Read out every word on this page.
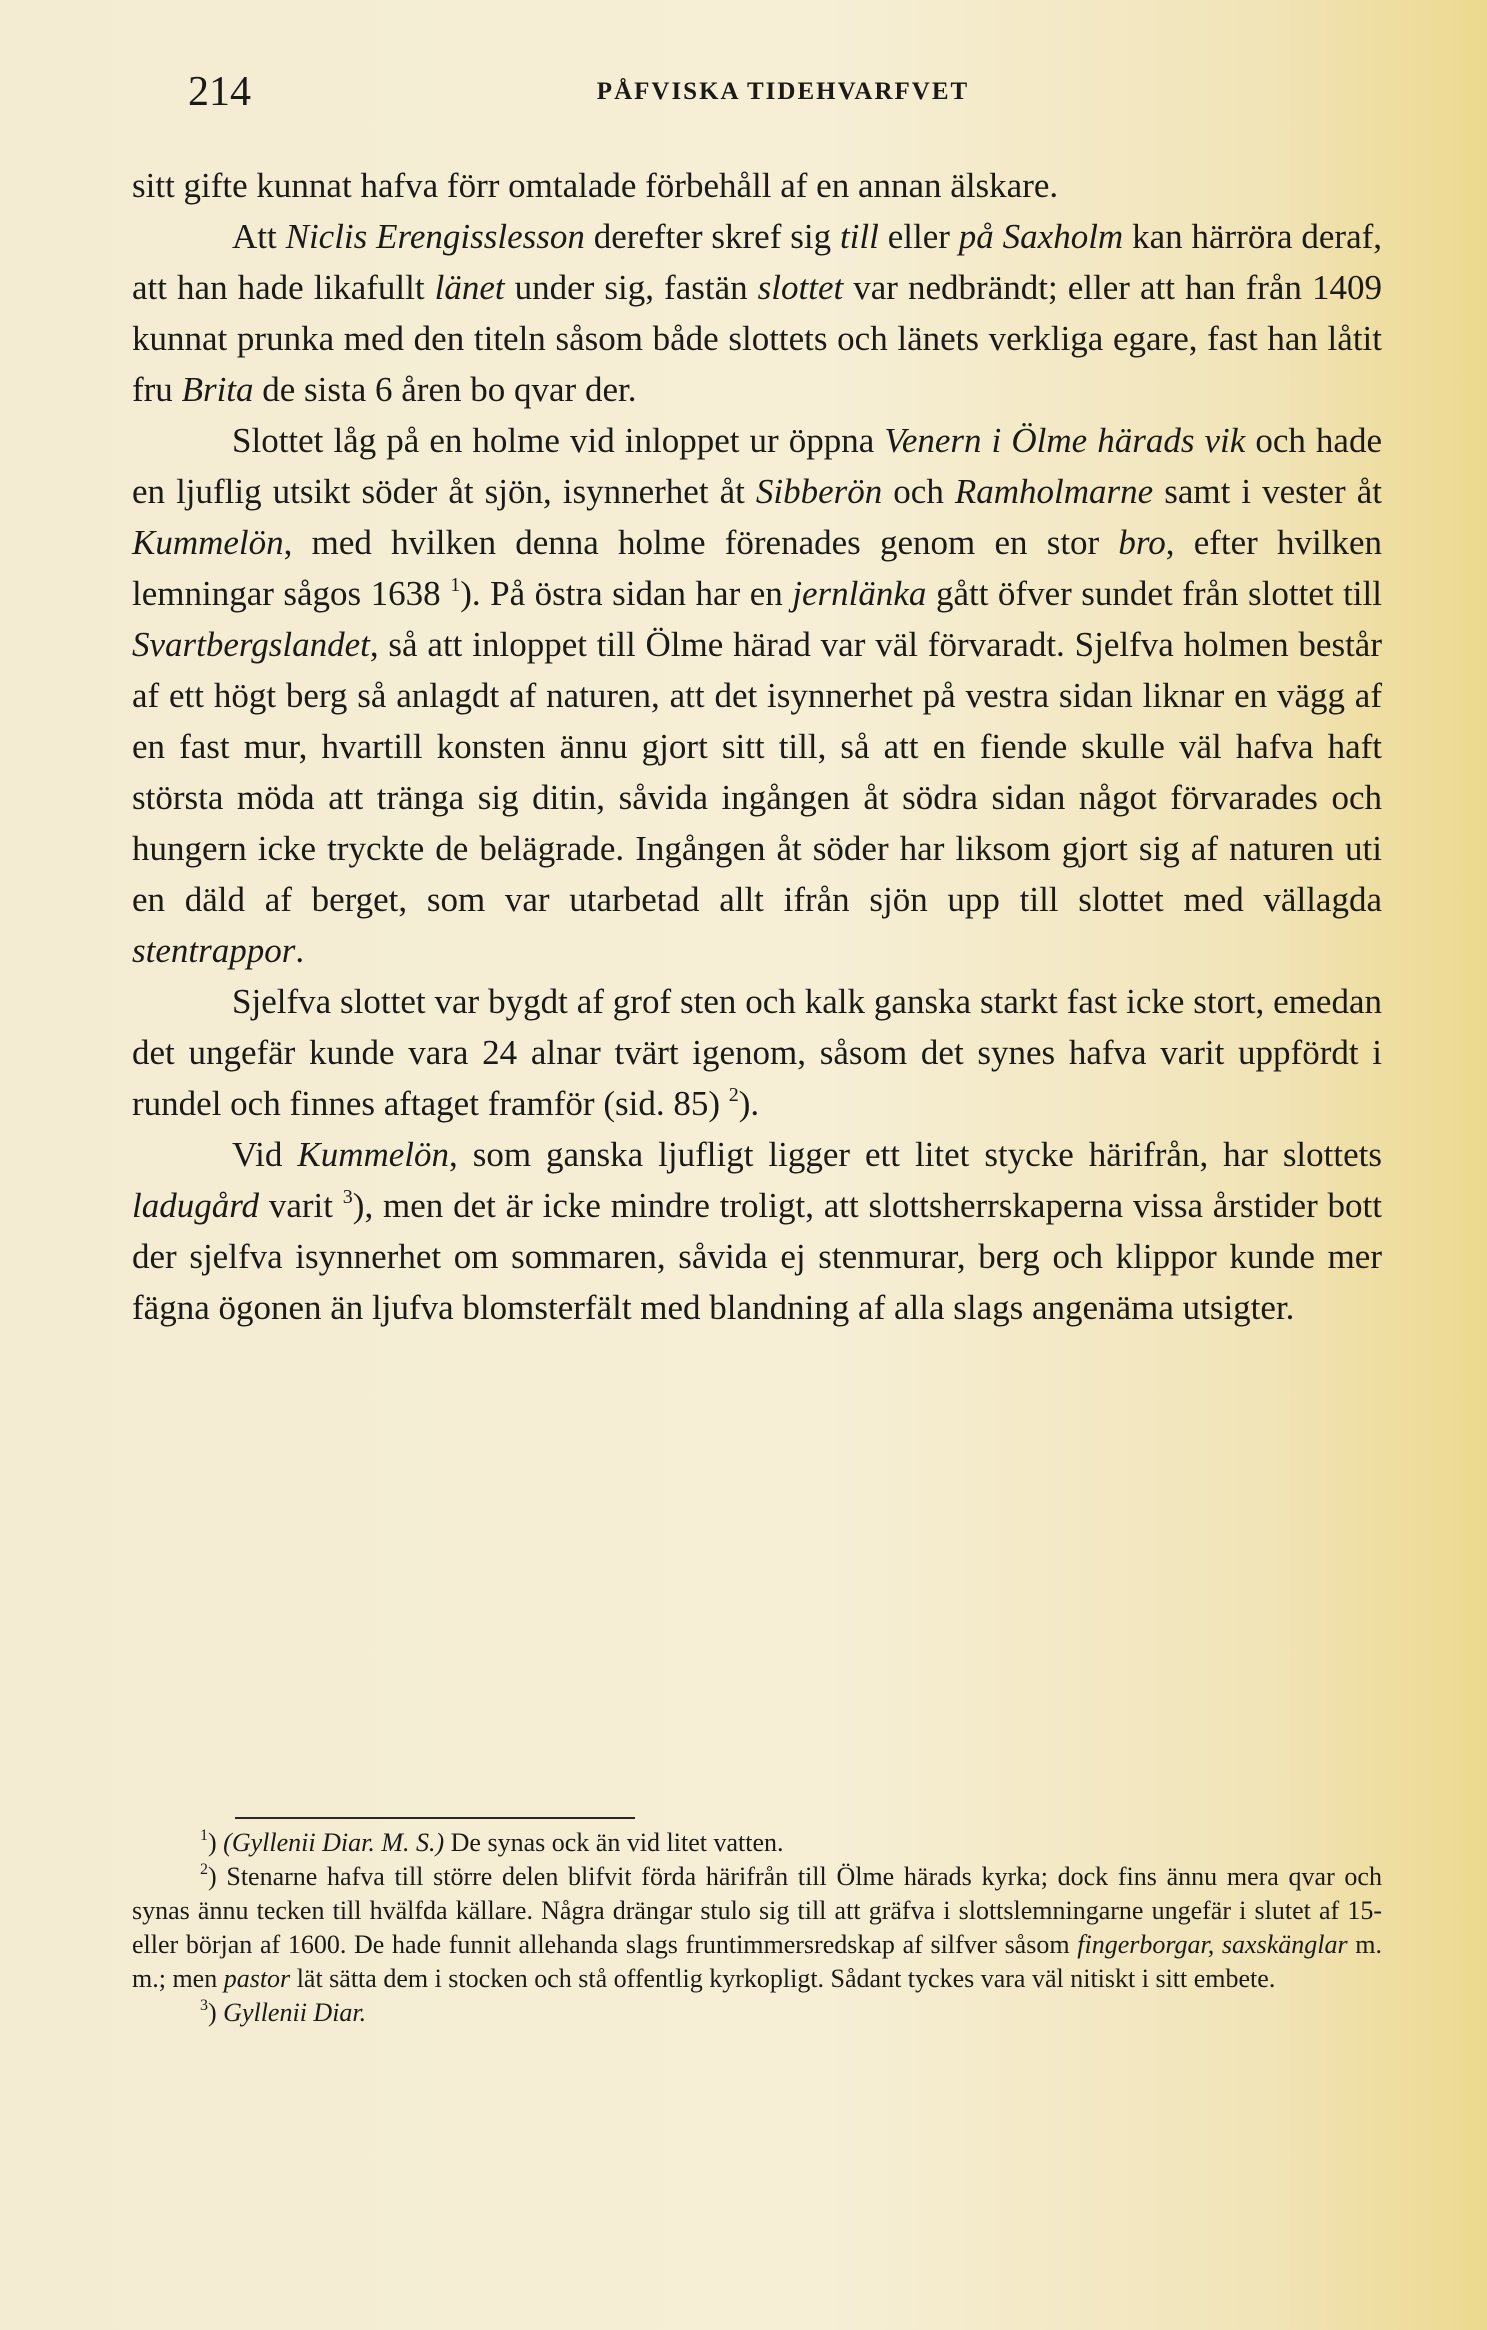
214	PÅFVISKA TIDEHVARFVET

sitt gifte kunnat hafva förr omtalade förbehåll af en annan älskare.

Att Niclis Erengisslesson derefter skref sig till eller på Saxholm kan härröra deraf, att han hade likafullt länet under sig, fastän slottet var nedbrändt; eller att han från 1409 kunnat prunka med den titeln såsom både slottets och länets verkliga egare, fast han låtit fru Brita de sista 6 åren bo qvar der.

Slottet låg på en holme vid inloppet ur öppna Venern i Ölme härads vik och hade en ljuflig utsikt söder åt sjön, isynnerhet åt Sibberön och Ramholmarne samt i vester åt Kummelön, med hvilken denna holme förenades genom en stor bro, efter hvilken lemningar sågos 1638 $^1$). På östra sidan har en jernlänka gått öfver sundet från slottet till Svartbergslandet, så att inloppet till Ölme härad var väl förvaradt. Sjelfva holmen består af ett högt berg så anlagdt af naturen, att det isynnerhet på vestra sidan liknar en vägg af en fast mur, hvartill konsten ännu gjort sitt till, så att en fiende skulle väl hafva haft största möda att tränga sig ditin, såvida ingången åt södra sidan något förvarades och hungern icke tryckte de belägrade. Ingången åt söder har liksom gjort sig af naturen uti en däld af berget, som var utarbetad allt ifrån sjön upp till slottet med vällagda stentrappor.

Sjelfva slottet var bygdt af grof sten och kalk ganska starkt fast icke stort, emedan det ungefär kunde vara 24 alnar tvärt igenom, såsom det synes hafva varit uppfördt i rundel och finnes aftaget framför (sid. 85) $^2$).

Vid Kummelön, som ganska ljufligt ligger ett litet stycke härifrån, har slottets ladugård varit $^3$), men det är icke mindre troligt, att slottsherrskaperna vissa årstider bott der sjelfva isynnerhet om sommaren, såvida ej stenmurar, berg och klippor kunde mer fägna ögonen än ljufva blomsterfält med blandning af alla slags angenäma utsigter.

$^1$) (Gyllenii Diar. M. S.) De synas ock än vid litet vatten.

$^2$) Stenarne hafva till större delen blifvit förda härifrån till Ölme härads kyrka; dock fins ännu mera qvar och synas ännu tecken till hvälfda källare. Några drängar stulo sig till att gräfva i slottslemningarne ungefär i slutet af 15- eller början af 1600. De hade funnit allehanda slags fruntimmersredskap af silfver såsom fingerborgar, saxskänglar m. m.; men pastor lät sätta dem i stocken och stå offentlig kyrkopligt. Sådant tyckes vara väl nitiskt i sitt embete.

$^3$) Gyllenii Diar.
